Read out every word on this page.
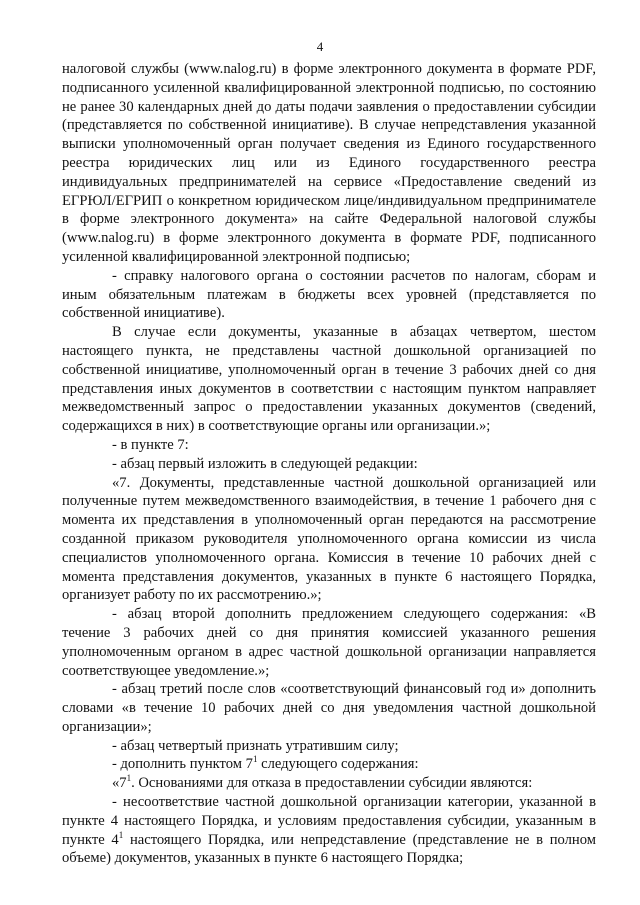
4

налоговой службы (www.nalog.ru) в форме электронного документа в формате PDF, подписанного усиленной квалифицированной электронной подписью, по состоянию не ранее 30 календарных дней до даты подачи заявления о предоставлении субсидии (представляется по собственной инициативе). В случае непредставления указанной выписки уполномоченный орган получает сведения из Единого государственного реестра юридических лиц или из Единого государственного реестра индивидуальных предпринимателей на сервисе «Предоставление сведений из ЕГРЮЛ/ЕГРИП о конкретном юридическом лице/индивидуальном предпринимателе в форме электронного документа» на сайте Федеральной налоговой службы (www.nalog.ru) в форме электронного документа в формате PDF, подписанного усиленной квалифицированной электронной подписью;

- справку налогового органа о состоянии расчетов по налогам, сборам и иным обязательным платежам в бюджеты всех уровней (представляется по собственной инициативе).

В случае если документы, указанные в абзацах четвертом, шестом настоящего пункта, не представлены частной дошкольной организацией по собственной инициативе, уполномоченный орган в течение 3 рабочих дней со дня представления иных документов в соответствии с настоящим пунктом направляет межведомственный запрос о предоставлении указанных документов (сведений, содержащихся в них) в соответствующие органы или организации.»;

- в пункте 7:

- абзац первый изложить в следующей редакции:

«7. Документы, представленные частной дошкольной организацией или полученные путем межведомственного взаимодействия, в течение 1 рабочего дня с момента их представления в уполномоченный орган передаются на рассмотрение созданной приказом руководителя уполномоченного органа комиссии из числа специалистов уполномоченного органа. Комиссия в течение 10 рабочих дней с момента представления документов, указанных в пункте 6 настоящего Порядка, организует работу по их рассмотрению.»;

- абзац второй дополнить предложением следующего содержания: «В течение 3 рабочих дней со дня принятия комиссией указанного решения уполномоченным органом в адрес частной дошкольной организации направляется соответствующее уведомление.»;

- абзац третий после слов «соответствующий финансовый год и» дополнить словами «в течение 10 рабочих дней со дня уведомления частной дошкольной организации»;

- абзац четвертый признать утратившим силу;

- дополнить пунктом $7^1$ следующего содержания:

«$7^1$. Основаниями для отказа в предоставлении субсидии являются:

- несоответствие частной дошкольной организации категории, указанной в пункте 4 настоящего Порядка, и условиям предоставления субсидии, указанным в пункте $4^1$ настоящего Порядка, или непредставление (представление не в полном объеме) документов, указанных в пункте 6 настоящего Порядка;
